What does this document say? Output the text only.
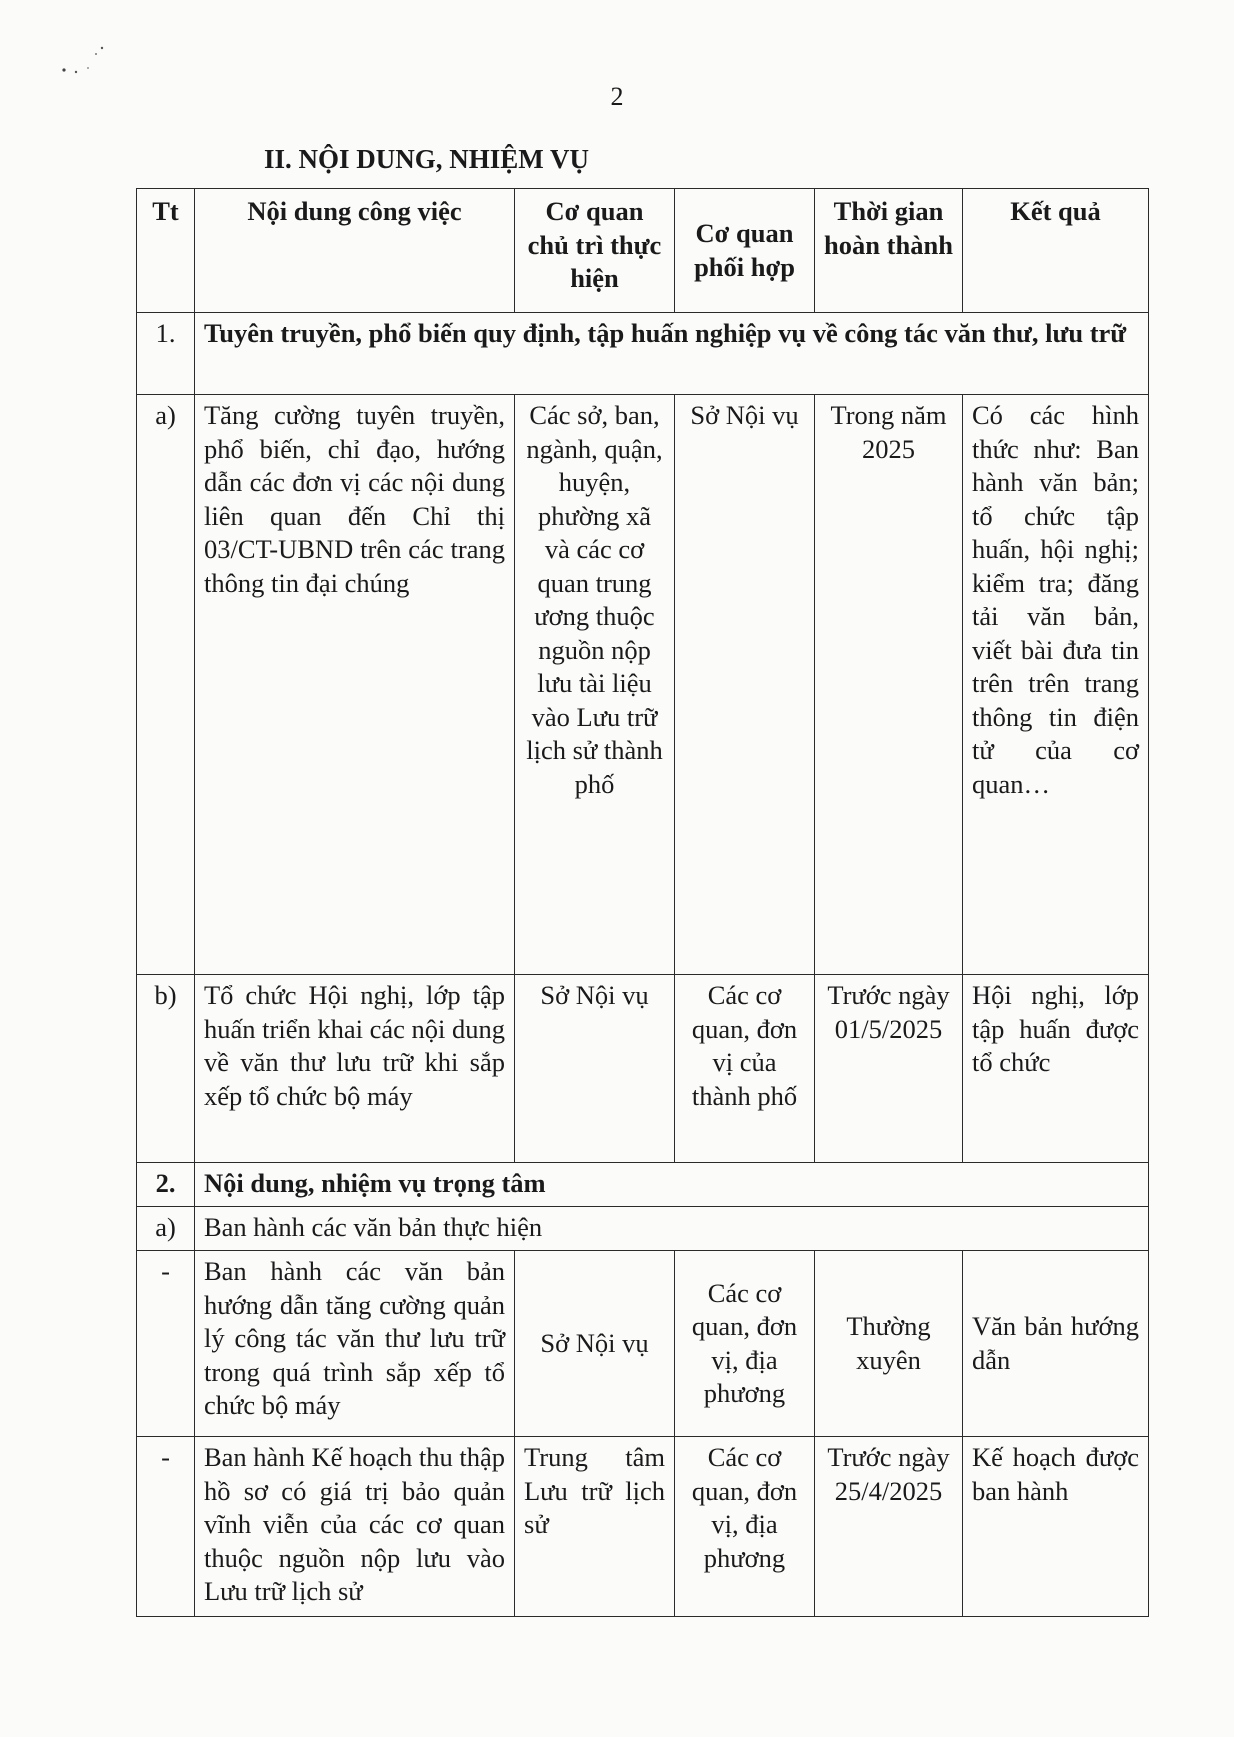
2
II. NỘI DUNG, NHIỆM VỤ
Tt	Nội dung công việc	Cơ quan chủ trì thực hiện	Cơ quan phối hợp	Thời gian hoàn thành	Kết quả
1.	Tuyên truyền, phổ biến quy định, tập huấn nghiệp vụ về công tác văn thư, lưu trữ				
a)	Tăng cường tuyên truyền, phổ biến, chỉ đạo, hướng dẫn các đơn vị các nội dung liên quan đến Chỉ thị 03/CT-UBND trên các trang thông tin đại chúng	Các sở, ban, ngành, quận, huyện, phường xã và các cơ quan trung ương thuộc nguồn nộp lưu tài liệu vào Lưu trữ lịch sử thành phố	Sở Nội vụ	Trong năm 2025	Có các hình thức như: Ban hành văn bản; tổ chức tập huấn, hội nghị; kiểm tra; đăng tải văn bản, viết bài đưa tin trên trên trang thông tin điện tử của cơ quan…
b)	Tổ chức Hội nghị, lớp tập huấn triển khai các nội dung về văn thư lưu trữ khi sắp xếp tổ chức bộ máy	Sở Nội vụ	Các cơ quan, đơn vị của thành phố	Trước ngày 01/5/2025	Hội nghị, lớp tập huấn được tổ chức
2.	Nội dung, nhiệm vụ trọng tâm				
a)	Ban hành các văn bản thực hiện				
-	Ban hành các văn bản hướng dẫn tăng cường quản lý công tác văn thư lưu trữ trong quá trình sắp xếp tổ chức bộ máy	Sở Nội vụ	Các cơ quan, đơn vị, địa phương	Thường xuyên	Văn bản hướng dẫn
-	Ban hành Kế hoạch thu thập hồ sơ có giá trị bảo quản vĩnh viễn của các cơ quan thuộc nguồn nộp lưu vào Lưu trữ lịch sử	Trung tâm Lưu trữ lịch sử	Các cơ quan, đơn vị, địa phương	Trước ngày 25/4/2025	Kế hoạch được ban hành
